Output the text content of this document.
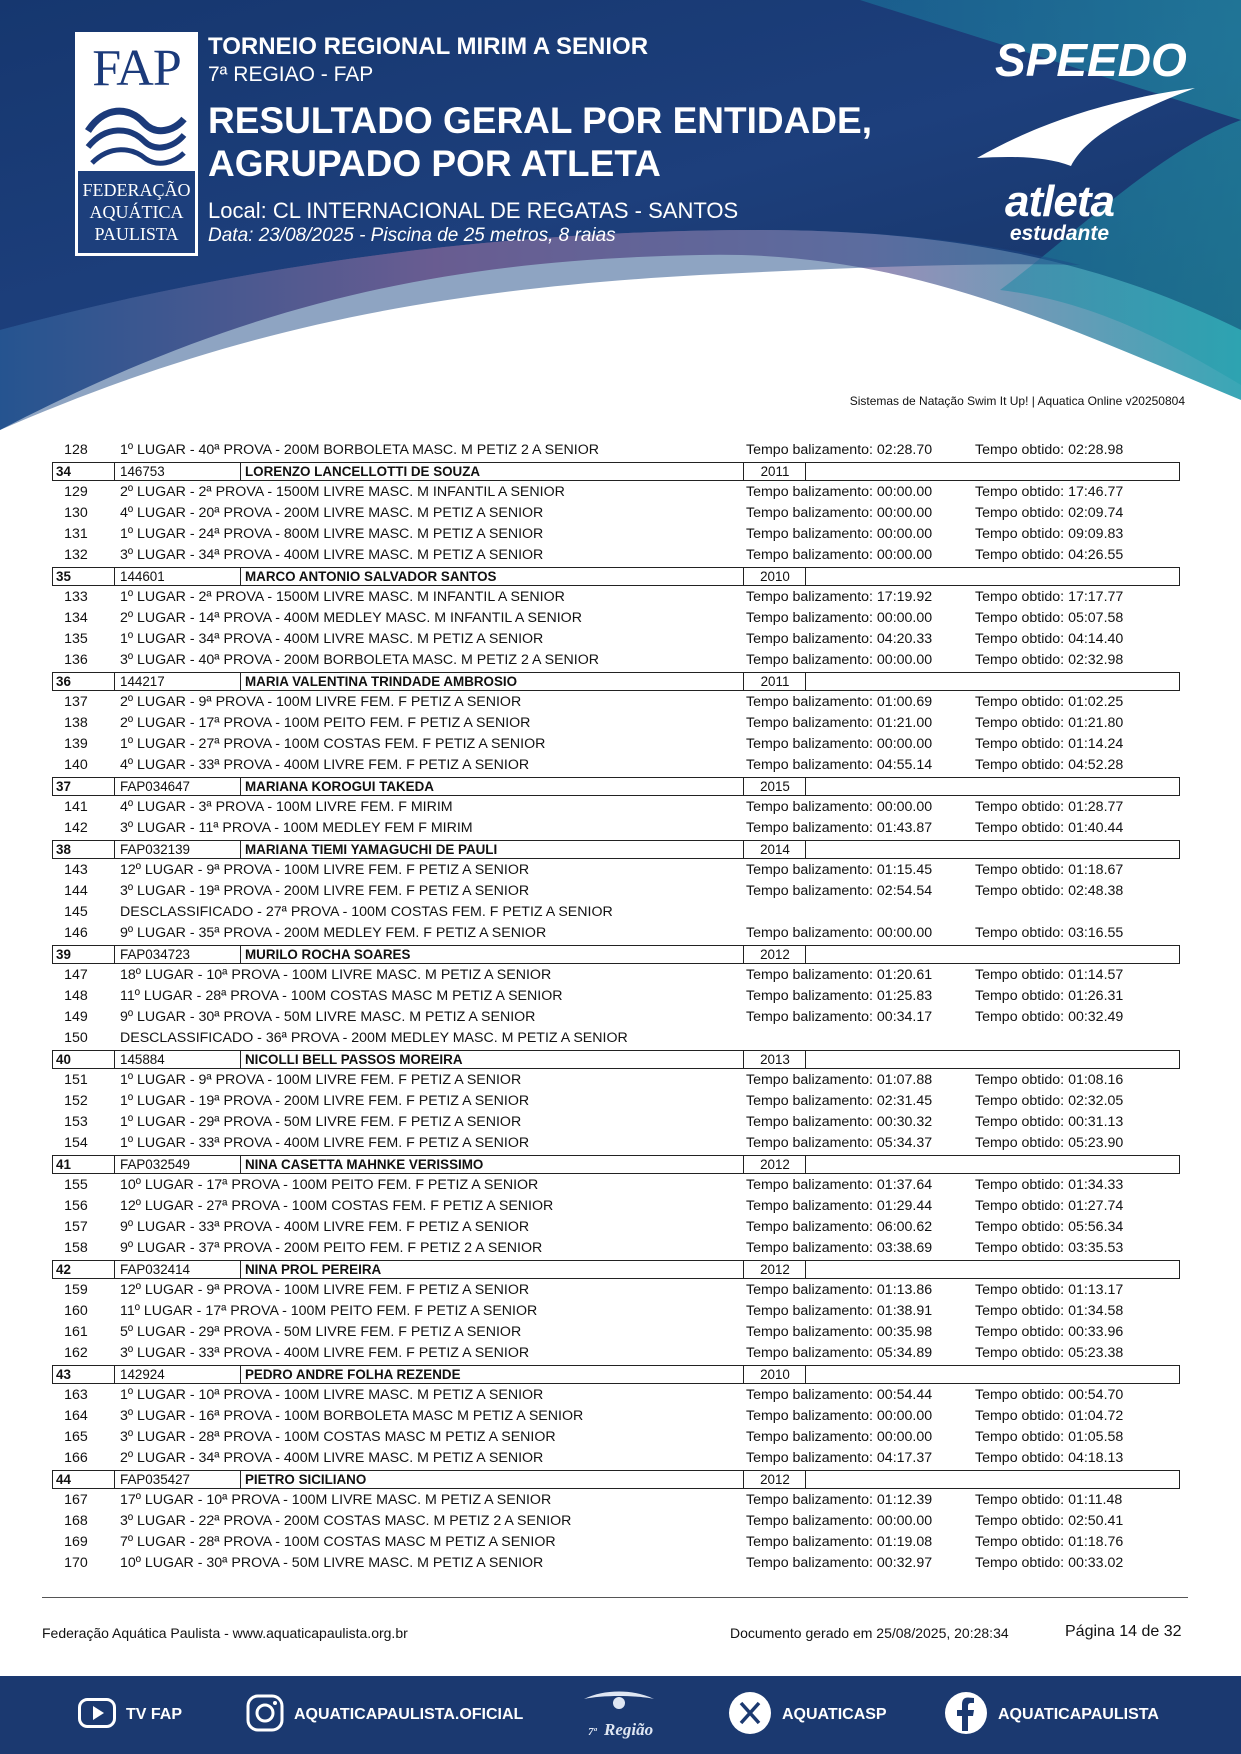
FAP
FEDERAÇÃO
AQUÁTICA
PAULISTA
TORNEIO REGIONAL MIRIM A SENIOR
7ª REGIAO - FAP
RESULTADO GERAL POR ENTIDADE,
AGRUPADO POR ATLETA
Local: CL INTERNACIONAL DE REGATAS - SANTOS
Data: 23/08/2025 - Piscina de 25 metros, 8 raias
SPEEDO
atleta
estudante
Sistemas de Natação Swim It Up! | Aquatica Online v20250804
128	1º LUGAR - 40ª PROVA - 200M BORBOLETA MASC. M PETIZ 2 A SENIOR	Tempo balizamento: 02:28.70	Tempo obtido: 02:28.98
34	146753	LORENZO LANCELLOTTI DE SOUZA	2011
129	2º LUGAR - 2ª PROVA - 1500M LIVRE MASC. M INFANTIL A SENIOR	Tempo balizamento: 00:00.00	Tempo obtido: 17:46.77
130	4º LUGAR - 20ª PROVA - 200M LIVRE MASC. M PETIZ A SENIOR	Tempo balizamento: 00:00.00	Tempo obtido: 02:09.74
131	1º LUGAR - 24ª PROVA - 800M LIVRE MASC. M PETIZ A SENIOR	Tempo balizamento: 00:00.00	Tempo obtido: 09:09.83
132	3º LUGAR - 34ª PROVA - 400M LIVRE MASC. M PETIZ A SENIOR	Tempo balizamento: 00:00.00	Tempo obtido: 04:26.55
35	144601	MARCO ANTONIO SALVADOR SANTOS	2010
133	1º LUGAR - 2ª PROVA - 1500M LIVRE MASC. M INFANTIL A SENIOR	Tempo balizamento: 17:19.92	Tempo obtido: 17:17.77
134	2º LUGAR - 14ª PROVA - 400M MEDLEY MASC. M INFANTIL A SENIOR	Tempo balizamento: 00:00.00	Tempo obtido: 05:07.58
135	1º LUGAR - 34ª PROVA - 400M LIVRE MASC. M PETIZ A SENIOR	Tempo balizamento: 04:20.33	Tempo obtido: 04:14.40
136	3º LUGAR - 40ª PROVA - 200M BORBOLETA MASC. M PETIZ 2 A SENIOR	Tempo balizamento: 00:00.00	Tempo obtido: 02:32.98
36	144217	MARIA VALENTINA TRINDADE AMBROSIO	2011
137	2º LUGAR - 9ª PROVA - 100M LIVRE FEM. F PETIZ A SENIOR	Tempo balizamento: 01:00.69	Tempo obtido: 01:02.25
138	2º LUGAR - 17ª PROVA - 100M PEITO FEM. F PETIZ A SENIOR	Tempo balizamento: 01:21.00	Tempo obtido: 01:21.80
139	1º LUGAR - 27ª PROVA - 100M COSTAS FEM. F PETIZ A SENIOR	Tempo balizamento: 00:00.00	Tempo obtido: 01:14.24
140	4º LUGAR - 33ª PROVA - 400M LIVRE FEM. F PETIZ A SENIOR	Tempo balizamento: 04:55.14	Tempo obtido: 04:52.28
37	FAP034647	MARIANA KOROGUI TAKEDA	2015
141	4º LUGAR - 3ª PROVA - 100M LIVRE FEM. F MIRIM	Tempo balizamento: 00:00.00	Tempo obtido: 01:28.77
142	3º LUGAR - 11ª PROVA - 100M MEDLEY FEM F MIRIM	Tempo balizamento: 01:43.87	Tempo obtido: 01:40.44
38	FAP032139	MARIANA TIEMI YAMAGUCHI DE PAULI	2014
143	12º LUGAR - 9ª PROVA - 100M LIVRE FEM. F PETIZ A SENIOR	Tempo balizamento: 01:15.45	Tempo obtido: 01:18.67
144	3º LUGAR - 19ª PROVA - 200M LIVRE FEM. F PETIZ A SENIOR	Tempo balizamento: 02:54.54	Tempo obtido: 02:48.38
145	DESCLASSIFICADO - 27ª PROVA - 100M COSTAS FEM. F PETIZ A SENIOR
146	9º LUGAR - 35ª PROVA - 200M MEDLEY FEM. F PETIZ A SENIOR	Tempo balizamento: 00:00.00	Tempo obtido: 03:16.55
39	FAP034723	MURILO ROCHA SOARES	2012
147	18º LUGAR - 10ª PROVA - 100M LIVRE MASC. M PETIZ A SENIOR	Tempo balizamento: 01:20.61	Tempo obtido: 01:14.57
148	11º LUGAR - 28ª PROVA - 100M COSTAS MASC M PETIZ A SENIOR	Tempo balizamento: 01:25.83	Tempo obtido: 01:26.31
149	9º LUGAR - 30ª PROVA - 50M LIVRE MASC. M PETIZ A SENIOR	Tempo balizamento: 00:34.17	Tempo obtido: 00:32.49
150	DESCLASSIFICADO - 36ª PROVA - 200M MEDLEY MASC. M PETIZ A SENIOR
40	145884	NICOLLI BELL PASSOS MOREIRA	2013
151	1º LUGAR - 9ª PROVA - 100M LIVRE FEM. F PETIZ A SENIOR	Tempo balizamento: 01:07.88	Tempo obtido: 01:08.16
152	1º LUGAR - 19ª PROVA - 200M LIVRE FEM. F PETIZ A SENIOR	Tempo balizamento: 02:31.45	Tempo obtido: 02:32.05
153	1º LUGAR - 29ª PROVA - 50M LIVRE FEM. F PETIZ A SENIOR	Tempo balizamento: 00:30.32	Tempo obtido: 00:31.13
154	1º LUGAR - 33ª PROVA - 400M LIVRE FEM. F PETIZ A SENIOR	Tempo balizamento: 05:34.37	Tempo obtido: 05:23.90
41	FAP032549	NINA CASETTA MAHNKE VERISSIMO	2012
155	10º LUGAR - 17ª PROVA - 100M PEITO FEM. F PETIZ A SENIOR	Tempo balizamento: 01:37.64	Tempo obtido: 01:34.33
156	12º LUGAR - 27ª PROVA - 100M COSTAS FEM. F PETIZ A SENIOR	Tempo balizamento: 01:29.44	Tempo obtido: 01:27.74
157	9º LUGAR - 33ª PROVA - 400M LIVRE FEM. F PETIZ A SENIOR	Tempo balizamento: 06:00.62	Tempo obtido: 05:56.34
158	9º LUGAR - 37ª PROVA - 200M PEITO FEM. F PETIZ 2 A SENIOR	Tempo balizamento: 03:38.69	Tempo obtido: 03:35.53
42	FAP032414	NINA PROL PEREIRA	2012
159	12º LUGAR - 9ª PROVA - 100M LIVRE FEM. F PETIZ A SENIOR	Tempo balizamento: 01:13.86	Tempo obtido: 01:13.17
160	11º LUGAR - 17ª PROVA - 100M PEITO FEM. F PETIZ A SENIOR	Tempo balizamento: 01:38.91	Tempo obtido: 01:34.58
161	5º LUGAR - 29ª PROVA - 50M LIVRE FEM. F PETIZ A SENIOR	Tempo balizamento: 00:35.98	Tempo obtido: 00:33.96
162	3º LUGAR - 33ª PROVA - 400M LIVRE FEM. F PETIZ A SENIOR	Tempo balizamento: 05:34.89	Tempo obtido: 05:23.38
43	142924	PEDRO ANDRE FOLHA REZENDE	2010
163	1º LUGAR - 10ª PROVA - 100M LIVRE MASC. M PETIZ A SENIOR	Tempo balizamento: 00:54.44	Tempo obtido: 00:54.70
164	3º LUGAR - 16ª PROVA - 100M BORBOLETA MASC M PETIZ A SENIOR	Tempo balizamento: 00:00.00	Tempo obtido: 01:04.72
165	3º LUGAR - 28ª PROVA - 100M COSTAS MASC M PETIZ A SENIOR	Tempo balizamento: 00:00.00	Tempo obtido: 01:05.58
166	2º LUGAR - 34ª PROVA - 400M LIVRE MASC. M PETIZ A SENIOR	Tempo balizamento: 04:17.37	Tempo obtido: 04:18.13
44	FAP035427	PIETRO SICILIANO	2012
167	17º LUGAR - 10ª PROVA - 100M LIVRE MASC. M PETIZ A SENIOR	Tempo balizamento: 01:12.39	Tempo obtido: 01:11.48
168	3º LUGAR - 22ª PROVA - 200M COSTAS MASC. M PETIZ 2 A SENIOR	Tempo balizamento: 00:00.00	Tempo obtido: 02:50.41
169	7º LUGAR - 28ª PROVA - 100M COSTAS MASC M PETIZ A SENIOR	Tempo balizamento: 01:19.08	Tempo obtido: 01:18.76
170	10º LUGAR - 30ª PROVA - 50M LIVRE MASC. M PETIZ A SENIOR	Tempo balizamento: 00:32.97	Tempo obtido: 00:33.02
Federação Aquática Paulista - www.aquaticapaulista.org.br	Documento gerado em 25/08/2025, 20:28:34	Página 14 de 32
TV FAP	AQUATICAPAULISTA.OFICIAL
7ª Região
AQUATICASP	AQUATICAPAULISTA
